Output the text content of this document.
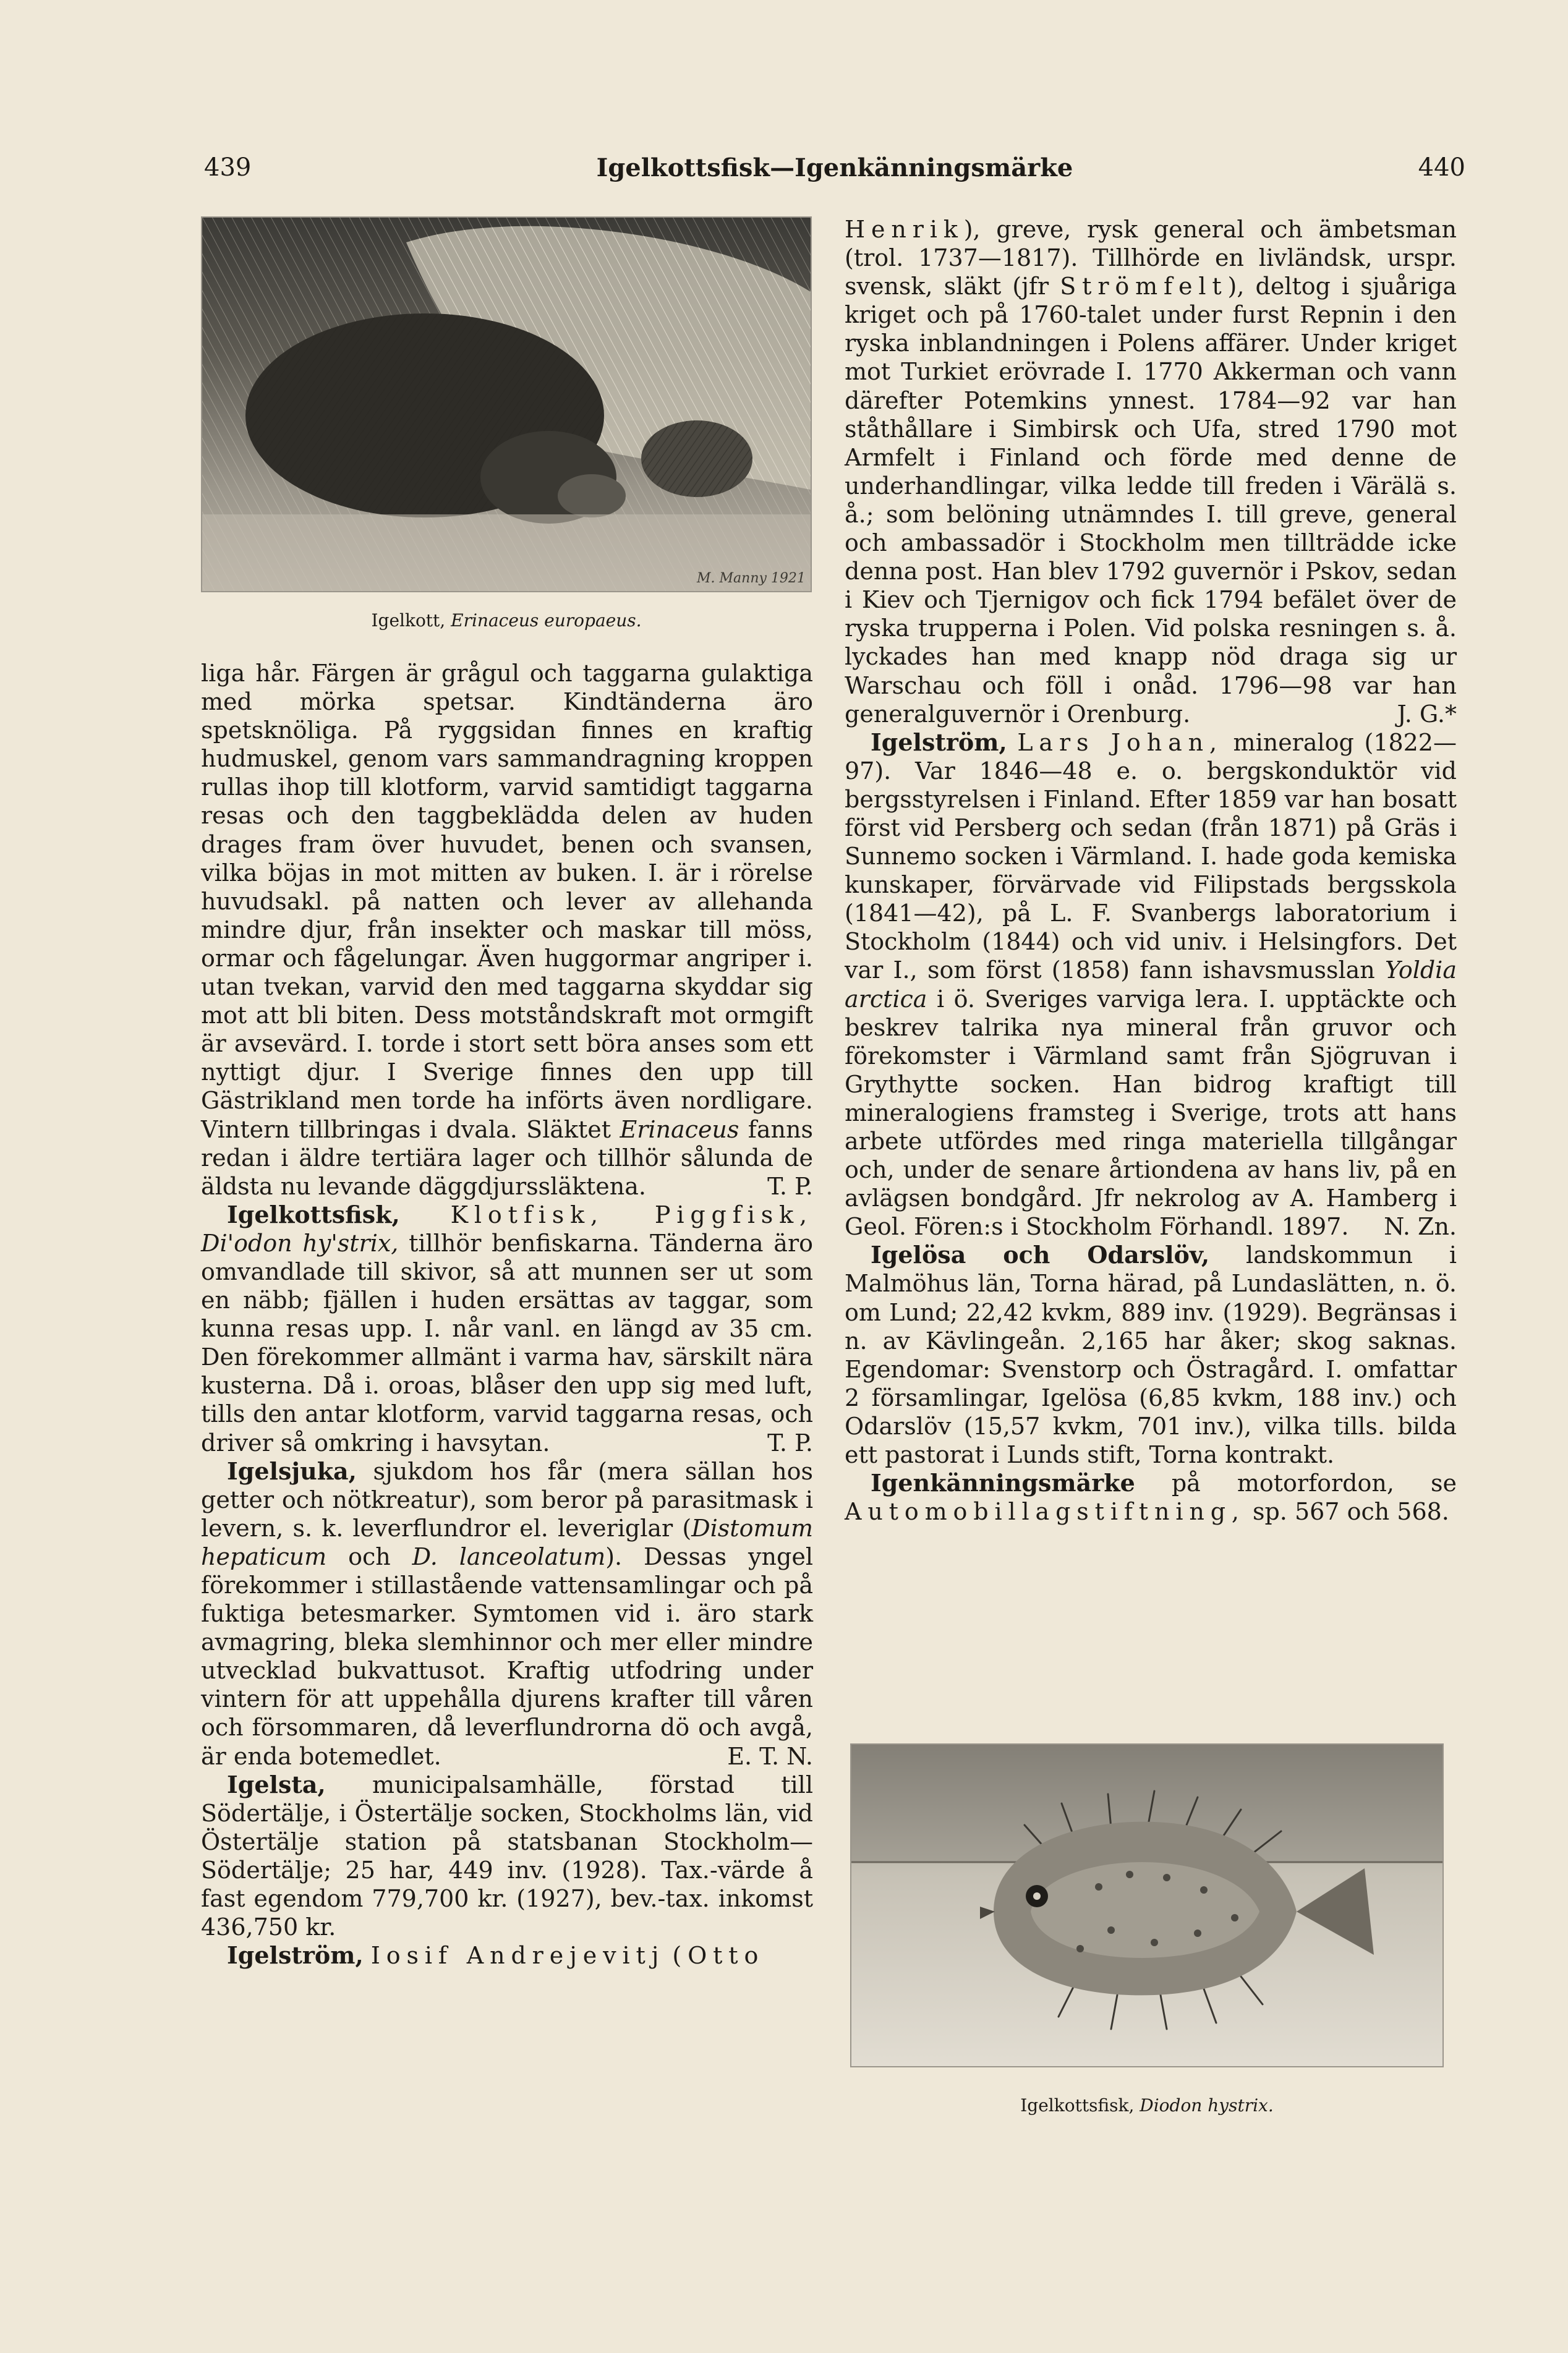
439	Igelkottsfisk—Igenkänningsmärke	440
M. Manny 1921
Igelkott, Erinaceus europaeus.

liga hår. Färgen är grågul och taggarna gulaktiga med mörka spetsar. Kindtänderna äro spetsknöliga. På ryggsidan finnes en kraftig hudmuskel, genom vars sammandragning kroppen rullas ihop till klotform, varvid samtidigt taggarna resas och den taggbeklädda delen av huden drages fram över huvudet, benen och svansen, vilka böjas in mot mitten av buken. I. är i rörelse huvudsakl. på natten och lever av allehanda mindre djur, från insekter och maskar till möss, ormar och fågelungar. Även huggormar angriper i. utan tvekan, varvid den med taggarna skyddar sig mot att bli biten. Dess motståndskraft mot ormgift är avsevärd. I. torde i stort sett böra anses som ett nyttigt djur. I Sverige finnes den upp till Gästrikland men torde ha införts även nordligare. Vintern tillbringas i dvala. Släktet Erinaceus fanns redan i äldre tertiära lager och tillhör sålunda de äldsta nu levande däggdjurssläktena.	T. P.

Igelkottsfisk, Klotfisk, Piggfisk, Di'odon hy'strix, tillhör benfiskarna. Tänderna äro omvandlade till skivor, så att munnen ser ut som en näbb; fjällen i huden ersättas av taggar, som kunna resas upp. I. når vanl. en längd av 35 cm. Den förekommer allmänt i varma hav, särskilt nära kusterna. Då i. oroas, blåser den upp sig med luft, tills den antar klotform, varvid taggarna resas, och driver så omkring i havsytan.	T. P.

Igelsjuka, sjukdom hos får (mera sällan hos getter och nötkreatur), som beror på parasitmask i levern, s. k. leverflundror el. leveriglar (Distomum hepaticum och D. lanceolatum). Dessas yngel förekommer i stillastående vattensamlingar och på fuktiga betesmarker. Symtomen vid i. äro stark avmagring, bleka slemhinnor och mer eller mindre utvecklad bukvattusot. Kraftig utfodring under vintern för att uppehålla djurens krafter till våren och försommaren, då leverflundrorna dö och avgå, är enda botemedlet.	E. T. N.

Igelsta, municipalsamhälle, förstad till Södertälje, i Östertälje socken, Stockholms län, vid Östertälje station på statsbanan Stockholm—Södertälje; 25 har, 449 inv. (1928). Tax.-värde å fast egendom 779,700 kr. (1927), bev.-tax. inkomst 436,750 kr.

Igelström, Iosif Andrejevitj (Otto

Henrik), greve, rysk general och ämbetsman (trol. 1737—1817). Tillhörde en livländsk, urspr. svensk, släkt (jfr Strömfelt), deltog i sjuåriga kriget och på 1760-talet under furst Repnin i den ryska inblandningen i Polens affärer. Under kriget mot Turkiet erövrade I. 1770 Akkerman och vann därefter Potemkins ynnest. 1784—92 var han ståthållare i Simbirsk och Ufa, stred 1790 mot Armfelt i Finland och förde med denne de underhandlingar, vilka ledde till freden i Värälä s. å.; som belöning utnämndes I. till greve, general och ambassadör i Stockholm men tillträdde icke denna post. Han blev 1792 guvernör i Pskov, sedan i Kiev och Tjernigov och fick 1794 befälet över de ryska trupperna i Polen. Vid polska resningen s. å. lyckades han med knapp nöd draga sig ur Warschau och föll i onåd. 1796—98 var han generalguvernör i Orenburg.	J. G.*

Igelström, Lars Johan, mineralog (1822—97). Var 1846—48 e. o. bergskonduktör vid bergsstyrelsen i Finland. Efter 1859 var han bosatt först vid Persberg och sedan (från 1871) på Gräs i Sunnemo socken i Värmland. I. hade goda kemiska kunskaper, förvärvade vid Filipstads bergsskola (1841—42), på L. F. Svanbergs laboratorium i Stockholm (1844) och vid univ. i Helsingfors. Det var I., som först (1858) fann ishavsmusslan Yoldia arctica i ö. Sveriges varviga lera. I. upptäckte och beskrev talrika nya mineral från gruvor och förekomster i Värmland samt från Sjögruvan i Grythytte socken. Han bidrog kraftigt till mineralogiens framsteg i Sverige, trots att hans arbete utfördes med ringa materiella tillgångar och, under de senare årtiondena av hans liv, på en avlägsen bondgård. Jfr nekrolog av A. Hamberg i Geol. Fören:s i Stockholm Förhandl. 1897.	N. Zn.

Igelösa och Odarslöv, landskommun i Malmöhus län, Torna härad, på Lundaslätten, n. ö. om Lund; 22,42 kvkm, 889 inv. (1929). Begränsas i n. av Kävlingeån. 2,165 har åker; skog saknas. Egendomar: Svenstorp och Östragård. I. omfattar 2 församlingar, Igelösa (6,85 kvkm, 188 inv.) och Odarslöv (15,57 kvkm, 701 inv.), vilka tills. bilda ett pastorat i Lunds stift, Torna kontrakt.

Igenkänningsmärke på motorfordon, se Automobillagstiftning, sp. 567 och 568.

Igelkottsfisk, Diodon hystrix.
